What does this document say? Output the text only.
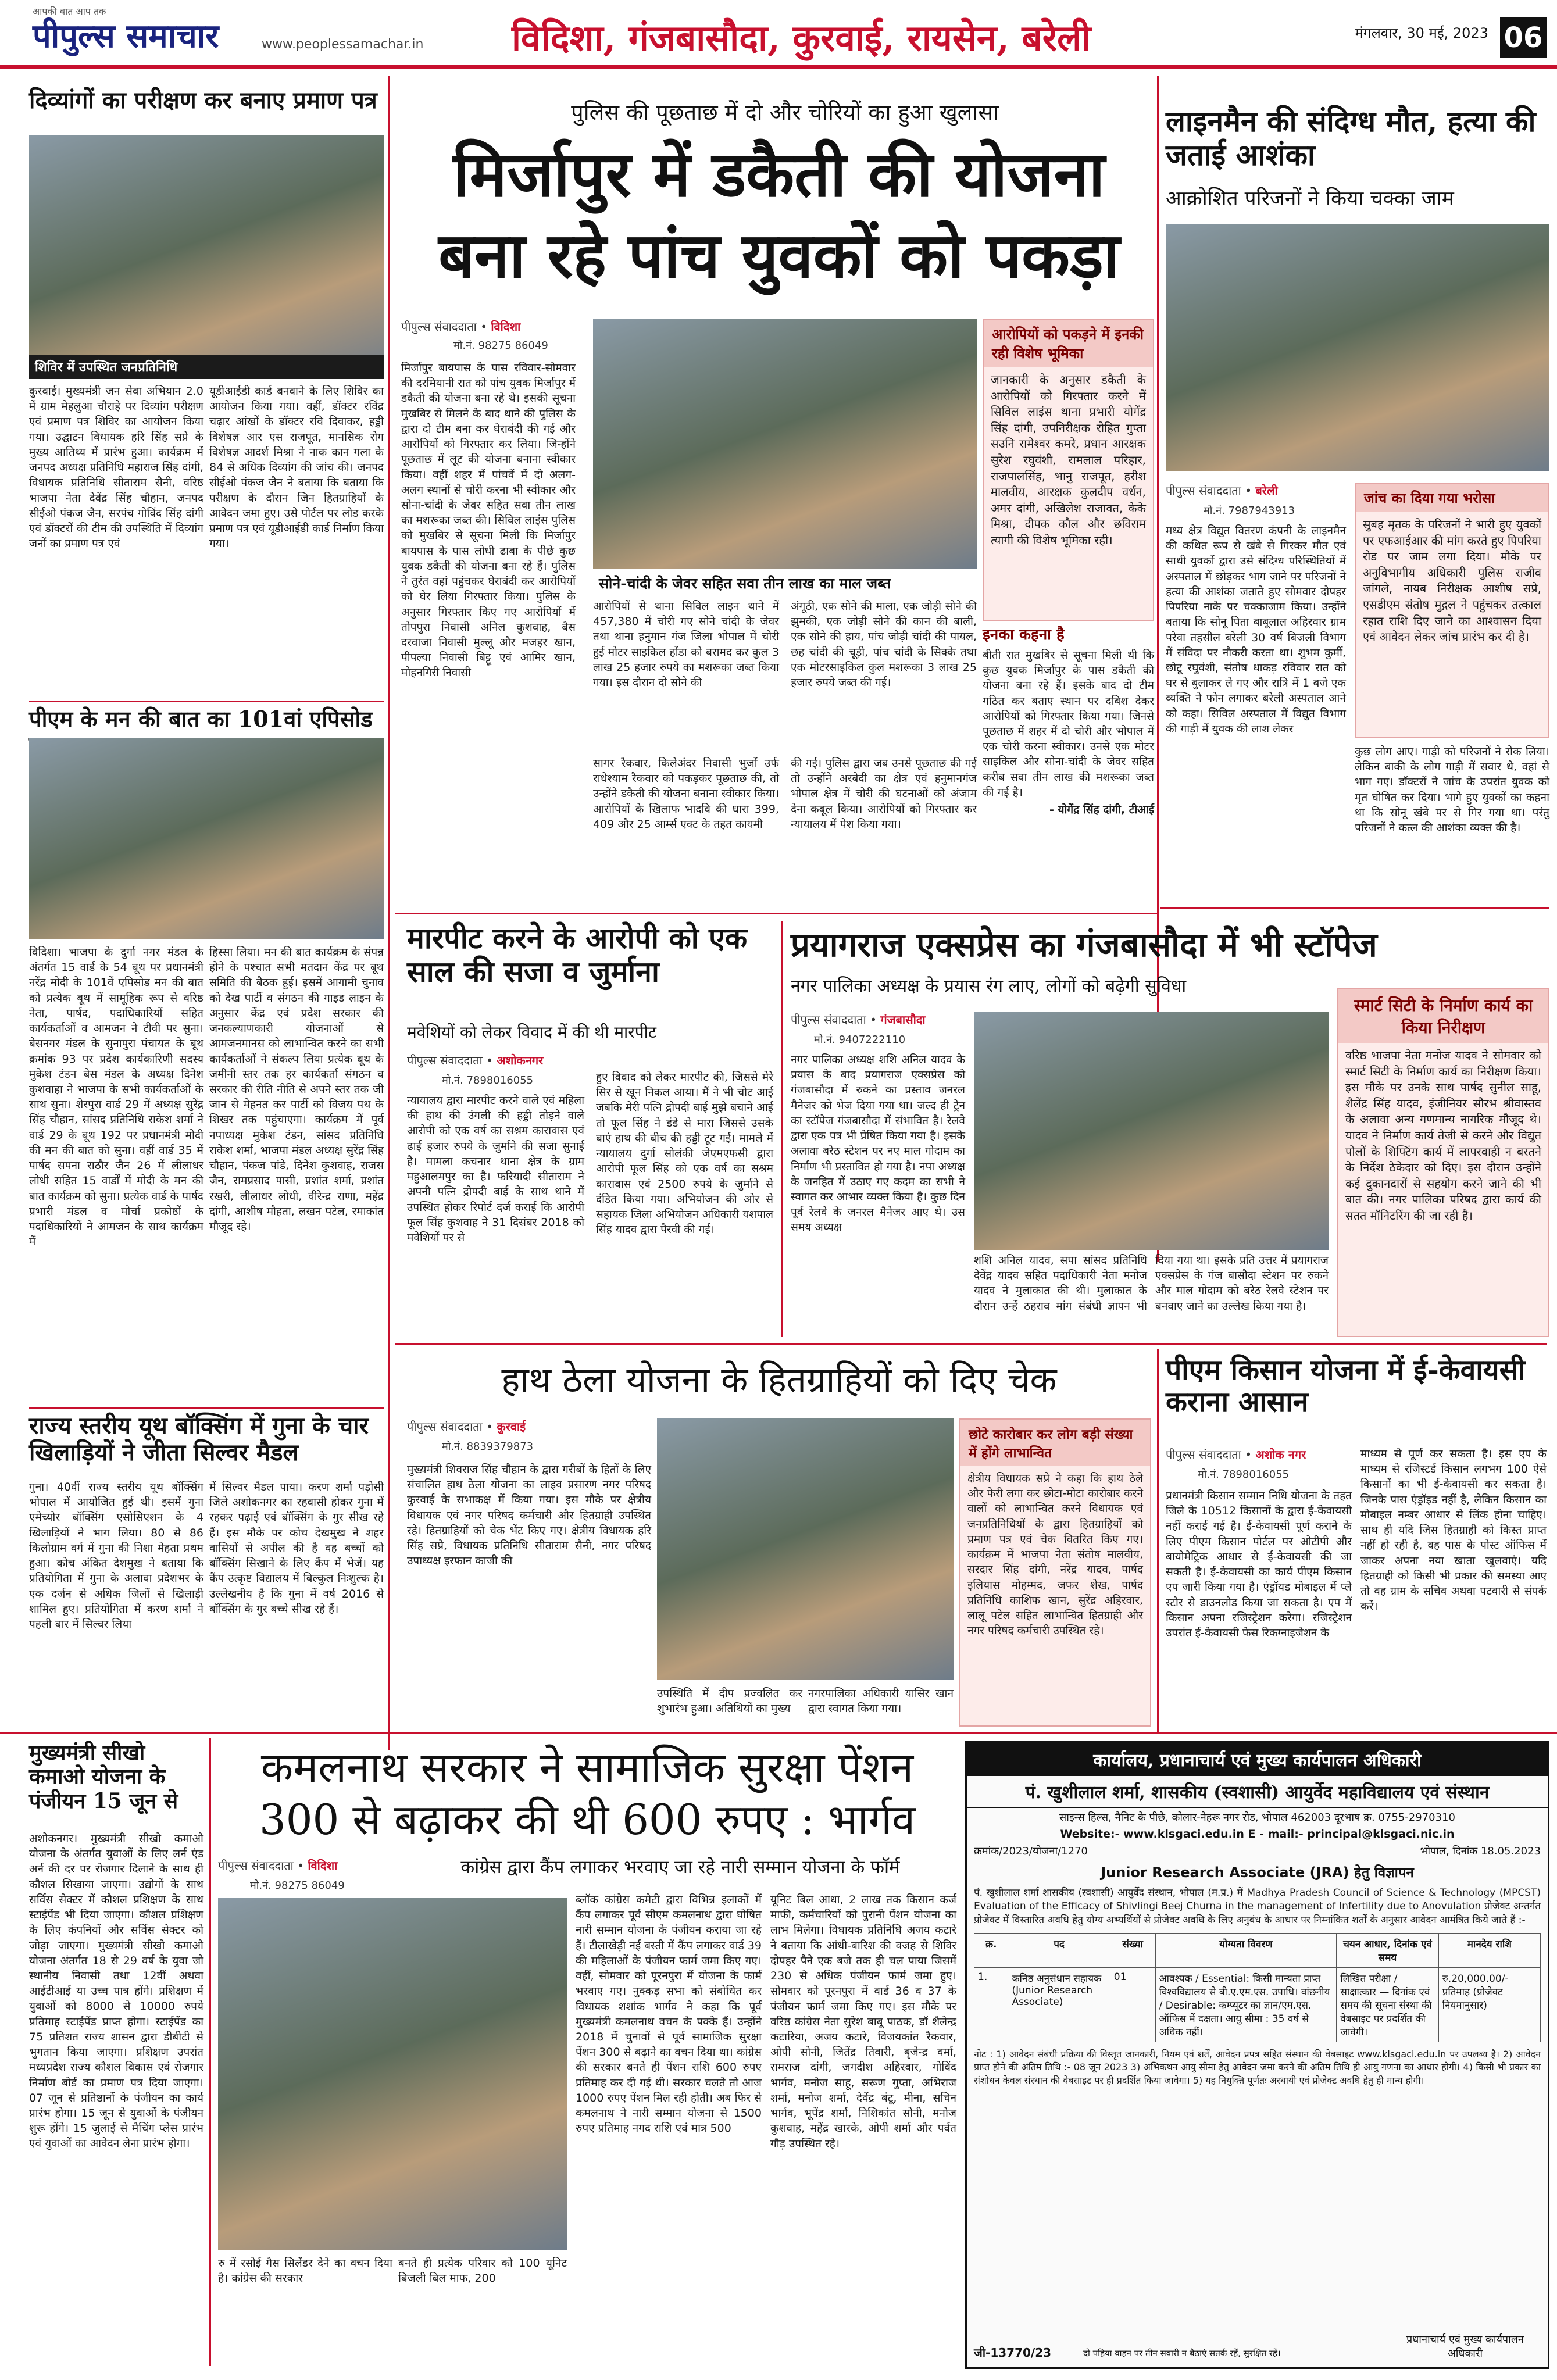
आपकी बात आप तक
पीपुल्स समाचार	www.peoplessamachar.in	विदिशा, गंजबासौदा, कुरवाई, रायसेन, बरेली	मंगलवार, 30 मई, 2023 06
दिव्यांगों का परीक्षण कर बनाए प्रमाण पत्र
शिविर में उपस्थित जनप्रतिनिधि
कुरवाई। मुख्यमंत्री जन सेवा अभियान 2.0 में ग्राम मेहलुआ चौराहे पर दिव्यांग परीक्षण एवं प्रमाण पत्र शिविर का आयोजन किया गया। उद्घाटन विधायक हरि सिंह सप्रे के मुख्य आतिथ्य में प्रारंभ हुआ। कार्यक्रम में जनपद अध्यक्ष प्रतिनिधि महाराज सिंह दांगी, विधायक प्रतिनिधि सीताराम सैनी, वरिष्ठ भाजपा नेता देवेंद्र सिंह चौहान, जनपद सीईओ पंकज जैन, सरपंच गोविंद सिंह दांगी एवं डॉक्टरों की टीम की उपस्थिति में दिव्यांग जनों का प्रमाण पत्र एवं
यूडीआईडी कार्ड बनवाने के लिए शिविर का आयोजन किया गया। वहीं, डॉक्टर रविंद्र चढ़ार आंखों के डॉक्टर रवि दिवाकर, हड्डी विशेषज्ञ आर एस राजपूत, मानसिक रोग विशेषज्ञ आदर्श मिश्रा ने नाक कान गला के 84 से अधिक दिव्यांग की जांच की। जनपद सीईओ पंकज जैन ने बताया कि बताया कि परीक्षण के दौरान जिन हितग्राहियों के आवेदन जमा हुए। उसे पोर्टल पर लोड करके प्रमाण पत्र एवं यूडीआईडी कार्ड निर्माण किया गया।
पीएम के मन की बात का 101वां एपिसोड
विदिशा। भाजपा के दुर्गा नगर मंडल के अंतर्गत 15 वार्ड के 54 बूथ पर प्रधानमंत्री नरेंद्र मोदी के 101वें एपिसोड मन की बात को प्रत्येक बूथ में सामूहिक रूप से वरिष्ठ नेता, पार्षद, पदाधिकारियों सहित कार्यकर्ताओं व आमजन ने टीवी पर सुना। बेसनगर मंडल के सुनापुरा पंचायत के बूथ क्रमांक 93 पर प्रदेश कार्यकारिणी सदस्य मुकेश टंडन बेस मंडल के अध्यक्ष दिनेश कुशवाहा ने भाजपा के सभी कार्यकर्ताओं के साथ सुना। शेरपुरा वार्ड 29 में अध्यक्ष सुरेंद्र सिंह चौहान, सांसद प्रतिनिधि राकेश शर्मा ने वार्ड 29 के बूथ 192 पर प्रधानमंत्री मोदी की मन की बात को सुना। वहीं वार्ड 35 में पार्षद सपना राठौर जैन 26 में लीलाधर लोधी सहित 15 वार्डों में मोदी के मन की बात कार्यक्रम को सुना। प्रत्येक वार्ड के पार्षद प्रभारी मंडल व मोर्चा प्रकोष्ठों के पदाधिकारियों ने आमजन के साथ कार्यक्रम में
हिस्सा लिया। मन की बात कार्यक्रम के संपन्न होने के पश्चात सभी मतदान केंद्र पर बूथ समिति की बैठक हुई। इसमें आगामी चुनाव को देख पार्टी व संगठन की गाइड लाइन के अनुसार केंद्र एवं प्रदेश सरकार की जनकल्याणकारी योजनाओं से आमजनमानस को लाभान्वित करने का सभी कार्यकर्ताओं ने संकल्प लिया प्रत्येक बूथ के जमीनी स्तर तक हर कार्यकर्ता संगठन व सरकार की रीति नीति से अपने स्तर तक जी जान से मेहनत कर पार्टी को विजय पथ के शिखर तक पहुंचाएगा। कार्यक्रम में पूर्व नपाध्यक्ष मुकेश टंडन, सांसद प्रतिनिधि राकेश शर्मा, भाजपा मंडल अध्यक्ष सुरेंद्र सिंह चौहान, पंकज पांडे, दिनेश कुशवाह, राजस जैन, रामप्रसाद पासी, प्रशांत शर्मा, प्रशांत रखरी, लीलाधर लोधी, वीरेन्द्र राणा, महेंद्र दांगी, आशीष मौहता, लखन पटेल, रमाकांत मौजूद रहे।
राज्य स्तरीय यूथ बॉक्सिंग में गुना के चार खिलाड़ियों ने जीता सिल्वर मैडल
गुना। 40वीं राज्य स्तरीय यूथ बॉक्सिंग भोपाल में आयोजित हुई थी। इसमें गुना एमेच्योर बॉक्सिंग एसोसिएशन के 4 खिलाड़ियों ने भाग लिया। 80 से 86 किलोग्राम वर्ग में गुना की निशा मेहता प्रथम हुआ। कोच अंकित देशमुख ने बताया कि प्रतियोगिता में गुना के अलावा प्रदेशभर के एक दर्जन से अधिक जिलों से खिलाड़ी शामिल हुए। प्रतियोगिता में करण शर्मा ने पहली बार में सिल्वर लिया
में सिल्वर मैडल पाया। करण शर्मा पड़ोसी जिले अशोकनगर का रहवासी होकर गुना में रहकर पढ़ाई एवं बॉक्सिंग के गुर सीख रहे हैं। इस मौके पर कोच देखमुख ने शहर वासियों से अपील की है वह बच्चों को बॉक्सिंग सिखाने के लिए कैंप में भेजें। यह कैंप उत्कृष्ट विद्यालय में बिल्कुल निःशुल्क है। उल्लेखनीय है कि गुना में वर्ष 2016 से बॉक्सिंग के गुर बच्चे सीख रहे हैं।
मुख्यमंत्री सीखो कमाओ योजना के पंजीयन 15 जून से
अशोकनगर। मुख्यमंत्री सीखो कमाओ योजना के अंतर्गत युवाओं के लिए लर्न एंड अर्न की दर पर रोजगार दिलाने के साथ ही कौशल सिखाया जाएगा। उद्योगों के साथ सर्विस सेक्टर में कौशल प्रशिक्षण के साथ स्टाईपेंड भी दिया जाएगा। कौशल प्रशिक्षण के लिए कंपनियों और सर्विस सेक्टर को जोड़ा जाएगा। मुख्यमंत्री सीखो कमाओ योजना अंतर्गत 18 से 29 वर्ष के युवा जो स्थानीय निवासी तथा 12वीं अथवा आईटीआई या उच्च पात्र होंगे। प्रशिक्षण में युवाओं को 8000 से 10000 रुपये प्रतिमाह स्टाईपेंड प्राप्त होगा। स्टाईपेंड का 75 प्रतिशत राज्य शासन द्वारा डीबीटी से भुगतान किया जाएगा। प्रशिक्षण उपरांत मध्यप्रदेश राज्य कौशल विकास एवं रोजगार निर्माण बोर्ड का प्रमाण पत्र दिया जाएगा। 07 जून से प्रतिष्ठानों के पंजीयन का कार्य प्रारंभ होगा। 15 जून से युवाओं के पंजीयन शुरू होंगे। 15 जुलाई से मैचिंग प्लेस प्रारंभ एवं युवाओं का आवेदन लेना प्रारंभ होगा।
पुलिस की पूछताछ में दो और चोरियों का हुआ खुलासा
मिर्जापुर में डकैती की योजना बना रहे पांच युवकों को पकड़ा
पीपुल्स संवाददाता • विदिशा
मो.नं. 98275 86049
मिर्जापुर बायपास के पास रविवार-सोमवार की दरमियानी रात को पांच युवक मिर्जापुर में डकैती की योजना बना रहे थे। इसकी सूचना मुखबिर से मिलने के बाद थाने की पुलिस के द्वारा दो टीम बना कर घेराबंदी की गई और आरोपियों को गिरफ्तार कर लिया। जिन्होंने पूछताछ में लूट की योजना बनाना स्वीकार किया। वहीं शहर में पांचवें में दो अलग-अलग स्थानों से चोरी करना भी स्वीकार और सोना-चांदी के जेवर सहित सवा तीन लाख का मशरूका जब्त की। सिविल लाइंस पुलिस को मुखबिर से सूचना मिली कि मिर्जापुर बायपास के पास लोधी ढाबा के पीछे कुछ युवक डकैती की योजना बना रहे हैं। पुलिस ने तुरंत वहां पहुंचकर घेराबंदी कर आरोपियों को घेर लिया गिरफ्तार किया। पुलिस के अनुसार गिरफ्तार किए गए आरोपियों में तोपपुरा निवासी अनिल कुशवाह, बैस दरवाजा निवासी मुल्लू और मजहर खान, पीपल्या निवासी बिट्टू एवं आमिर खान, मोहनगिरी निवासी
सोने-चांदी के जेवर सहित सवा तीन लाख का माल जब्त
आरोपियों से थाना सिविल लाइन थाने में 457,380 में चोरी गए सोने चांदी के जेवर तथा थाना हनुमान गंज जिला भोपाल में चोरी हुई मोटर साइकिल होंडा को बरामद कर कुल 3 लाख 25 हजार रुपये का मशरूका जब्त किया गया। इस दौरान दो सोने की
अंगूठी, एक सोने की माला, एक जोड़ी सोने की झुमकी, एक जोड़ी सोने की कान की बाली, एक सोने की हाय, पांच जोड़ी चांदी की पायल, छह चांदी की चूड़ी, पांच चांदी के सिक्के तथा एक मोटरसाइकिल कुल मशरूका 3 लाख 25 हजार रुपये जब्त की गई।
सागर रैकवार, किलेअंदर निवासी भुजों उर्फ राधेश्याम रैकवार को पकड़कर पूछताछ की, तो उन्होंने डकैती की योजना बनाना स्वीकार किया। आरोपियों के खिलाफ भादवि की धारा 399, 409 और 25 आर्म्स एक्ट के तहत कायमी
की गई। पुलिस द्वारा जब उनसे पूछताछ की गई तो उन्होंने अरबेदी का क्षेत्र एवं हनुमानगंज भोपाल क्षेत्र में चोरी की घटनाओं को अंजाम देना कबूल किया। आरोपियों को गिरफ्तार कर न्यायालय में पेश किया गया।
आरोपियों को पकड़ने में इनकी रही विशेष भूमिका
जानकारी के अनुसार डकैती के आरोपियों को गिरफ्तार करने में सिविल लाइंस थाना प्रभारी योगेंद्र सिंह दांगी, उपनिरीक्षक रोहित गुप्ता सउनि रामेश्वर कमरे, प्रधान आरक्षक सुरेश रघुवंशी, रामलाल परिहार, राजपालसिंह, भानु राजपूत, हरीश मालवीय, आरक्षक कुलदीप वर्धन, अमर दांगी, अखिलेश राजावत, केके मिश्रा, दीपक कौल और छविराम त्यागी की विशेष भूमिका रही।
इनका कहना है
बीती रात मुखबिर से सूचना मिली थी कि कुछ युवक मिर्जापुर के पास डकैती की योजना बना रहे हैं। इसके बाद दो टीम गठित कर बताए स्थान पर दबिश देकर आरोपियों को गिरफ्तार किया गया। जिनसे पूछताछ में शहर में दो चोरी और भोपाल में एक चोरी करना स्वीकार। उनसे एक मोटर साइकिल और सोना-चांदी के जेवर सहित करीब सवा तीन लाख की मशरूका जब्त की गई है।
- योगेंद्र सिंह दांगी, टीआई
लाइनमैन की संदिग्ध मौत, हत्या की जताई आशंका
आक्रोशित परिजनों ने किया चक्का जाम
पीपुल्स संवाददाता • बरेली
मो.नं. 7987943913
मध्य क्षेत्र विद्युत वितरण कंपनी के लाइनमैन की कथित रूप से खंबे से गिरकर मौत एवं साथी युवकों द्वारा उसे संदिग्ध परिस्थितियों में अस्पताल में छोड़कर भाग जाने पर परिजनों ने हत्या की आशंका जताते हुए सोमवार दोपहर पिपरिया नाके पर चक्काजाम किया। उन्होंने बताया कि सोनू पिता बाबूलाल अहिरवार ग्राम परेवा तहसील बरेली 30 वर्ष बिजली विभाग में संविदा पर नौकरी करता था। शुभम कुर्मी, छोटू रघुवंशी, संतोष धाकड़ रविवार रात को घर से बुलाकर ले गए और रात्रि में 1 बजे एक व्यक्ति ने फोन लगाकर बरेली अस्पताल आने को कहा। सिविल अस्पताल में विद्युत विभाग की गाड़ी में युवक की लाश लेकर
जांच का दिया गया भरोसा
सुबह मृतक के परिजनों ने भारी हुए युवकों पर एफआईआर की मांग करते हुए पिपरिया रोड पर जाम लगा दिया। मौके पर अनुविभागीय अधिकारी पुलिस राजीव जांगले, नायब निरीक्षक आशीष सप्रे, एसडीएम संतोष मुद्गल ने पहुंचकर तत्काल रहात राशि दिए जाने का आश्वासन दिया एवं आवेदन लेकर जांच प्रारंभ कर दी है।
कुछ लोग आए। गाड़ी को परिजनों ने रोक लिया। लेकिन बाकी के लोग गाड़ी में सवार थे, वहां से भाग गए। डॉक्टरों ने जांच के उपरांत युवक को मृत घोषित कर दिया। भागे हुए युवकों का कहना था कि सोनू खंबे पर से गिर गया था। परंतु परिजनों ने कत्ल की आशंका व्यक्त की है।
मारपीट करने के आरोपी को एक साल की सजा व जुर्माना
मवेशियों को लेकर विवाद में की थी मारपीट
पीपुल्स संवाददाता • अशोकनगर
मो.नं. 7898016055
न्यायालय द्वारा मारपीट करने वाले एवं महिला की हाथ की उंगली की हड्डी तोड़ने वाले आरोपी को एक वर्ष का सश्रम कारावास एवं ढाई हजार रुपये के जुर्माने की सजा सुनाई है। मामला कचनार थाना क्षेत्र के ग्राम महुआलमपुर का है। फरियादी सीताराम ने अपनी पत्नि द्रोपदी बाई के साथ थाने में उपस्थित होकर रिपोर्ट दर्ज कराई कि आरोपी फूल सिंह कुशवाह ने 31 दिसंबर 2018 को मवेशियों पर से
हुए विवाद को लेकर मारपीट की, जिससे मेरे सिर से खून निकल आया। मैं ने भी चोट आई जबकि मेरी पत्नि द्रोपदी बाई मुझे बचाने आई तो फूल सिंह ने डंडे से मारा जिससे उसके बाएं हाथ की बीच की हड्डी टूट गई। मामले में न्यायालय दुर्गा सोलंकी जेएमएफसी द्वारा आरोपी फूल सिंह को एक वर्ष का सश्रम कारावास एवं 2500 रुपये के जुर्माने से दंडित किया गया। अभियोजन की ओर से सहायक जिला अभियोजन अधिकारी यशपाल सिंह यादव द्वारा पैरवी की गई।
प्रयागराज एक्सप्रेस का गंजबासौदा में भी स्टॉपेज
नगर पालिका अध्यक्ष के प्रयास रंग लाए, लोगों को बढ़ेगी सुविधा
पीपुल्स संवाददाता • गंजबासौदा
मो.नं. 9407222110
नगर पालिका अध्यक्ष शशि अनिल यादव के प्रयास के बाद प्रयागराज एक्सप्रेस को गंजबासौदा में रुकने का प्रस्ताव जनरल मैनेजर को भेज दिया गया था। जल्द ही ट्रेन का स्टॉपेज गंजबासौदा में संभावित है। रेलवे द्वारा एक पत्र भी प्रेषित किया गया है। इसके अलावा बरेठ स्टेशन पर नए माल गोदाम का निर्माण भी प्रस्तावित हो गया है। नपा अध्यक्ष के जनहित में उठाए गए कदम का सभी ने स्वागत कर आभार व्यक्त किया है। कुछ दिन पूर्व रेलवे के जनरल मैनेजर आए थे। उस समय अध्यक्ष
शशि अनिल यादव, सपा सांसद प्रतिनिधि देवेंद्र यादव सहित पदाधिकारी नेता मनोज यादव ने मुलाकात की थी। मुलाकात के दौरान उन्हें ठहराव मांग संबंधी ज्ञापन भी दिया गया था। इसके प्रति उत्तर में प्रयागराज एक्सप्रेस के गंज बासौदा स्टेशन पर रुकने और माल गोदाम को बरेठ रेलवे स्टेशन पर बनवाए जाने का उल्लेख किया गया है।
स्मार्ट सिटी के निर्माण कार्य का किया निरीक्षण
वरिष्ठ भाजपा नेता मनोज यादव ने सोमवार को स्मार्ट सिटी के निर्माण कार्य का निरीक्षण किया। इस मौके पर उनके साथ पार्षद सुनील साहू, शैलेंद्र सिंह यादव, इंजीनियर सौरभ श्रीवास्तव के अलावा अन्य गणमान्य नागरिक मौजूद थे। यादव ने निर्माण कार्य तेजी से करने और विद्युत पोलों के शिफ्टिंग कार्य में लापरवाही न बरतने के निर्देश ठेकेदार को दिए। इस दौरान उन्होंने कई दुकानदारों से सहयोग करने जाने की भी बात की। नगर पालिका परिषद द्वारा कार्य की सतत मॉनिटरिंग की जा रही है।
हाथ ठेला योजना के हितग्राहियों को दिए चेक
पीपुल्स संवाददाता • कुरवाई
मो.नं. 8839379873
मुख्यमंत्री शिवराज सिंह चौहान के द्वारा गरीबों के हितों के लिए संचालित हाथ ठेला योजना का लाइव प्रसारण नगर परिषद कुरवाई के सभाकक्ष में किया गया। इस मौके पर क्षेत्रीय विधायक एवं नगर परिषद कर्मचारी और हितग्राही उपस्थित रहे। हितग्राहियों को चेक भेंट किए गए। क्षेत्रीय विधायक हरि सिंह सप्रे, विधायक प्रतिनिधि सीताराम सैनी, नगर परिषद उपाध्यक्ष इरफान काजी की
उपस्थिति में दीप प्रज्वलित कर शुभारंभ हुआ। अतिथियों का मुख्य
नगरपालिका अधिकारी यासिर खान द्वारा स्वागत किया गया।
छोटे कारोबार कर लोग बड़ी संख्या में होंगे लाभान्वित
क्षेत्रीय विधायक सप्रे ने कहा कि हाथ ठेले और फेरी लगा कर छोटा-मोटा कारोबार करने वालों को लाभान्वित करने विधायक एवं जनप्रतिनिधियों के द्वारा हितग्राहियों को प्रमाण पत्र एवं चेक वितरित किए गए। कार्यक्रम में भाजपा नेता संतोष मालवीय, सरदार सिंह दांगी, नरेंद्र यादव, पार्षद इलियास मोहम्मद, जफर शेख, पार्षद प्रतिनिधि काशिफ खान, सुरेंद्र अहिरवार, लालू पटेल सहित लाभान्वित हितग्राही और नगर परिषद कर्मचारी उपस्थित रहे।
पीएम किसान योजना में ई-केवायसी कराना आसान
पीपुल्स संवाददाता • अशोक नगर
मो.नं. 7898016055
प्रधानमंत्री किसान सम्मान निधि योजना के तहत जिले के 10512 किसानों के द्वारा ई-केवायसी नहीं कराई गई है। ई-केवायसी पूर्ण कराने के लिए पीएम किसान पोर्टल पर ओटीपी और बायोमेट्रिक आधार से ई-केवायसी की जा सकती है। ई-केवायसी का कार्य पीएम किसान एप जारी किया गया है। एंड्रॉयड मोबाइल में प्ले स्टोर से डाउनलोड किया जा सकता है। एप में किसान अपना रजिस्ट्रेशन करेगा। रजिस्ट्रेशन उपरांत ई-केवायसी फेस रिकग्नाइजेशन के
माध्यम से पूर्ण कर सकता है। इस एप के माध्यम से रजिस्टर्ड किसान लगभग 100 ऐसे किसानों का भी ई-केवायसी कर सकता है। जिनके पास एंड्रॉइड नहीं है, लेकिन किसान का मोबाइल नम्बर आधार से लिंक होना चाहिए। साथ ही यदि जिस हितग्राही को किस्त प्राप्त नहीं हो रही है, वह पास के पोस्ट ऑफिस में जाकर अपना नया खाता खुलवाएं। यदि हितग्राही को किसी भी प्रकार की समस्या आए तो वह ग्राम के सचिव अथवा पटवारी से संपर्क करें।
कमलनाथ सरकार ने सामाजिक सुरक्षा पेंशन 300 से बढ़ाकर की थी 600 रुपए : भार्गव
कांग्रेस द्वारा कैंप लगाकर भरवाए जा रहे नारी सम्मान योजना के फॉर्म
पीपुल्स संवाददाता • विदिशा
मो.नं. 98275 86049
रु में रसोई गैस सिलेंडर देने का वचन दिया है। कांग्रेस की सरकार
बनते ही प्रत्येक परिवार को 100 यूनिट बिजली बिल माफ, 200
ब्लॉक कांग्रेस कमेटी द्वारा विभिन्न इलाकों में कैंप लगाकर पूर्व सीएम कमलनाथ द्वारा घोषित नारी सम्मान योजना के पंजीयन कराया जा रहे हैं। टीलाखेड़ी नई बस्ती में कैंप लगाकर वार्ड 39 की महिलाओं के पंजीयन फार्म जमा किए गए। वहीं, सोमवार को पूरनपुरा में योजना के फार्म भरवाए गए। नुक्कड़ सभा को संबोधित कर विधायक शशांक भार्गव ने कहा कि पूर्व मुख्यमंत्री कमलनाथ वचन के पक्के हैं। उन्होंने 2018 में चुनावों से पूर्व सामाजिक सुरक्षा पेंशन 300 से बढ़ाने का वचन दिया था। कांग्रेस की सरकार बनते ही पेंशन राशि 600 रुपए प्रतिमाह कर दी गई थी। सरकार चलते तो आज 1000 रुपए पेंशन मिल रही होती। अब फिर से कमलनाथ ने नारी सम्मान योजना से 1500 रुपए प्रतिमाह नगद राशि एवं मात्र 500
यूनिट बिल आधा, 2 लाख तक किसान कर्ज माफी, कर्मचारियों को पुरानी पेंशन योजना का लाभ मिलेगा। विधायक प्रतिनिधि अजय कटारे ने बताया कि आंधी-बारिश की वजह से शिविर दोपहर पैने एक बजे तक ही चल पाया जिसमें 230 से अधिक पंजीयन फार्म जमा हुए। सोमवार को पूरनपुरा में वार्ड 36 व 37 के पंजीयन फार्म जमा किए गए। इस मौके पर वरिष्ठ कांग्रेस नेता सुरेश बाबू पाठक, डॉ शैलेन्द्र कटारिया, अजय कटारे, विजयकांत रैकवार, ओपी सोनी, जितेंद्र तिवारी, बृजेन्द्र वर्मा, रामराज दांगी, जगदीश अहिरवार, गोविंद भार्गव, मनोज साहू, सरूण गुप्ता, अभिराज शर्मा, मनोज शर्मा, देवेंद्र बंटू, मीना, सचिन भार्गव, भूपेंद्र शर्मा, निशिकांत सोनी, मनोज कुशवाह, महेंद्र खारके, ओपी शर्मा और पर्वत गौड़ उपस्थित रहे।
कार्यालय, प्रधानाचार्य एवं मुख्य कार्यपालन अधिकारी
पं. खुशीलाल शर्मा, शासकीय (स्वशासी) आयुर्वेद महाविद्यालय एवं संस्थान
साइन्स हिल्स, नैनिट के पीछे, कोलार-नेहरू नगर रोड, भोपाल 462003 दूरभाष क्र. 0755-2970310
Website:- www.klsgaci.edu.in E - mail:- principal@klsgaci.nic.in
क्रमांक/2023/योजना/1270	भोपाल, दिनांक 18.05.2023
Junior Research Associate (JRA) हेतु विज्ञापन
पं. खुशीलाल शर्मा शासकीय (स्वशासी) आयुर्वेद संस्थान, भोपाल (म.प्र.) में Madhya Pradesh Council of Science & Technology (MPCST) Evaluation of the Efficacy of Shivlingi Beej Churna in the management of Infertility due to Anovulation प्रोजेक्ट अन्तर्गत प्रोजेक्ट में विस्तारित अवधि हेतु योग्य अभ्यर्थियों से प्रोजेक्ट अवधि के लिए अनुबंध के आधार पर निम्नांकित शर्तों के अनुसार आवेदन आमंत्रित किये जाते हैं :-
क्र.	पद	संख्या	योग्यता विवरण	चयन आधार, दिनांक एवं समय	मानदेय राशि
1.	कनिष्ठ अनुसंधान सहायक (Junior Research Associate)	01	आवश्यक / Essential: किसी मान्यता प्राप्त विश्वविद्यालय से बी.ए.एम.एस. उपाधि। वांछनीय / Desirable: कम्प्यूटर का ज्ञान/एम.एस. ऑफिस में दक्षता। आयु सीमा : 35 वर्ष से अधिक नहीं।	लिखित परीक्षा / साक्षात्कार — दिनांक एवं समय की सूचना संस्था की वेबसाइट पर प्रदर्शित की जावेगी।	रु.20,000.00/- प्रतिमाह (प्रोजेक्ट नियमानुसार)
नोट : 1) आवेदन संबंधी प्रक्रिया की विस्तृत जानकारी, नियम एवं शर्तें, आवेदन प्रपत्र सहित संस्थान की वेबसाइट www.klsgaci.edu.in पर उपलब्ध है। 2) आवेदन प्राप्त होने की अंतिम तिथि :- 08 जून 2023 3) अभिकथन आयु सीमा हेतु आवेदन जमा करने की अंतिम तिथि ही आयु गणना का आधार होगी। 4) किसी भी प्रकार का संशोधन केवल संस्थान की वेबसाइट पर ही प्रदर्शित किया जावेगा। 5) यह नियुक्ति पूर्णतः अस्थायी एवं प्रोजेक्ट अवधि हेतु ही मान्य होगी।
जी-13770/23	दो पहिया वाहन पर तीन सवारी न बैठाएं सतर्क रहें, सुरक्षित रहें।
प्रधानाचार्य एवं मुख्य कार्यपालन अधिकारी
